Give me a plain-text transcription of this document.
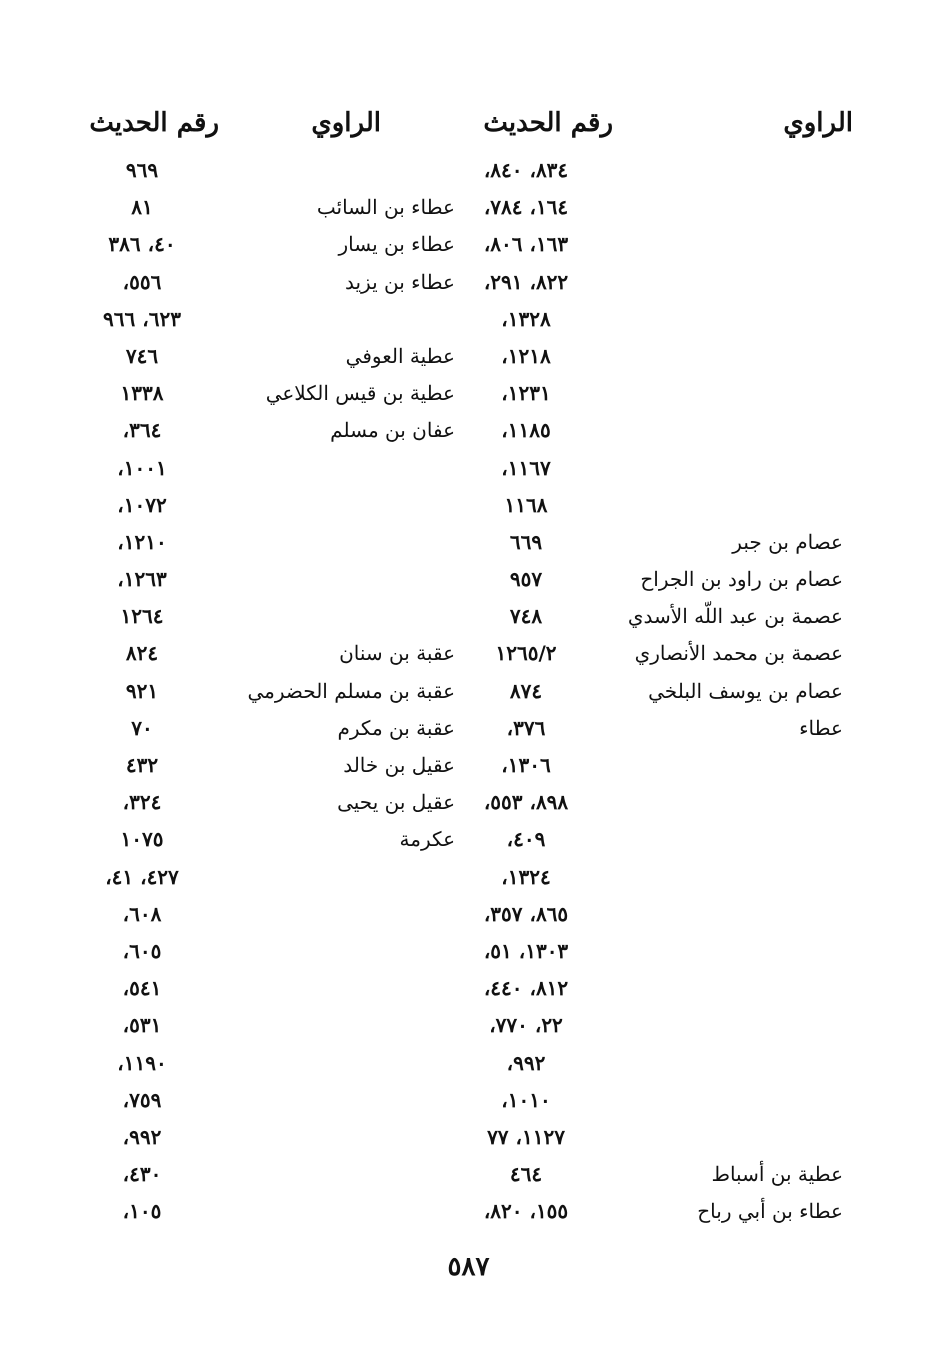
الراوي
رقم الحديث
الراوي
رقم الحديث
٨٣٤، ٨٤٠،
٩٦٩
١٦٤، ٧٨٤،
عطاء بن السائب
٨١
١٦٣، ٨٠٦،
عطاء بن يسار
٤٠، ٣٨٦
٨٢٢، ٢٩١،
عطاء بن يزيد
٥٥٦،
١٣٢٨،
٦٢٣، ٩٦٦
١٢١٨،
عطية العوفي
٧٤٦
١٢٣١،
عطية بن قيس الكلاعي
١٣٣٨
١١٨٥،
عفان بن مسلم
٣٦٤،
١١٦٧،
١٠٠١،
١١٦٨
١٠٧٢،
عصام بن جبر
٦٦٩
١٢١٠،
عصام بن راود بن الجراح
٩٥٧
١٢٦٣،
عصمة بن عبد اللّه الأسدي
٧٤٨
١٢٦٤
عصمة بن محمد الأنصاري
١٢٦٥/٢
عقبة بن سنان
٨٢٤
عصام بن يوسف البلخي
٨٧٤
عقبة بن مسلم الحضرمي
٩٢١
عطاء
٣٧٦،
عقبة بن مكرم
٧٠
١٣٠٦،
عقيل بن خالد
٤٣٢
٨٩٨، ٥٥٣،
عقيل بن يحيى
٣٢٤،
٤٠٩،
عكرمة
١٠٧٥
١٣٢٤،
٤٢٧، ٤١،
٨٦٥، ٣٥٧،
٦٠٨،
١٣٠٣، ٥١،
٦٠٥،
٨١٢، ٤٤٠،
٥٤١،
٢٢، ٧٧٠،
٥٣١،
٩٩٢،
١١٩٠،
١٠١٠،
٧٥٩،
١١٢٧، ٧٧
٩٩٢،
عطية بن أسباط
٤٦٤
٤٣٠،
عطاء بن أبي رباح
١٥٥، ٨٢٠،
١٠٥،
٥٨٧
